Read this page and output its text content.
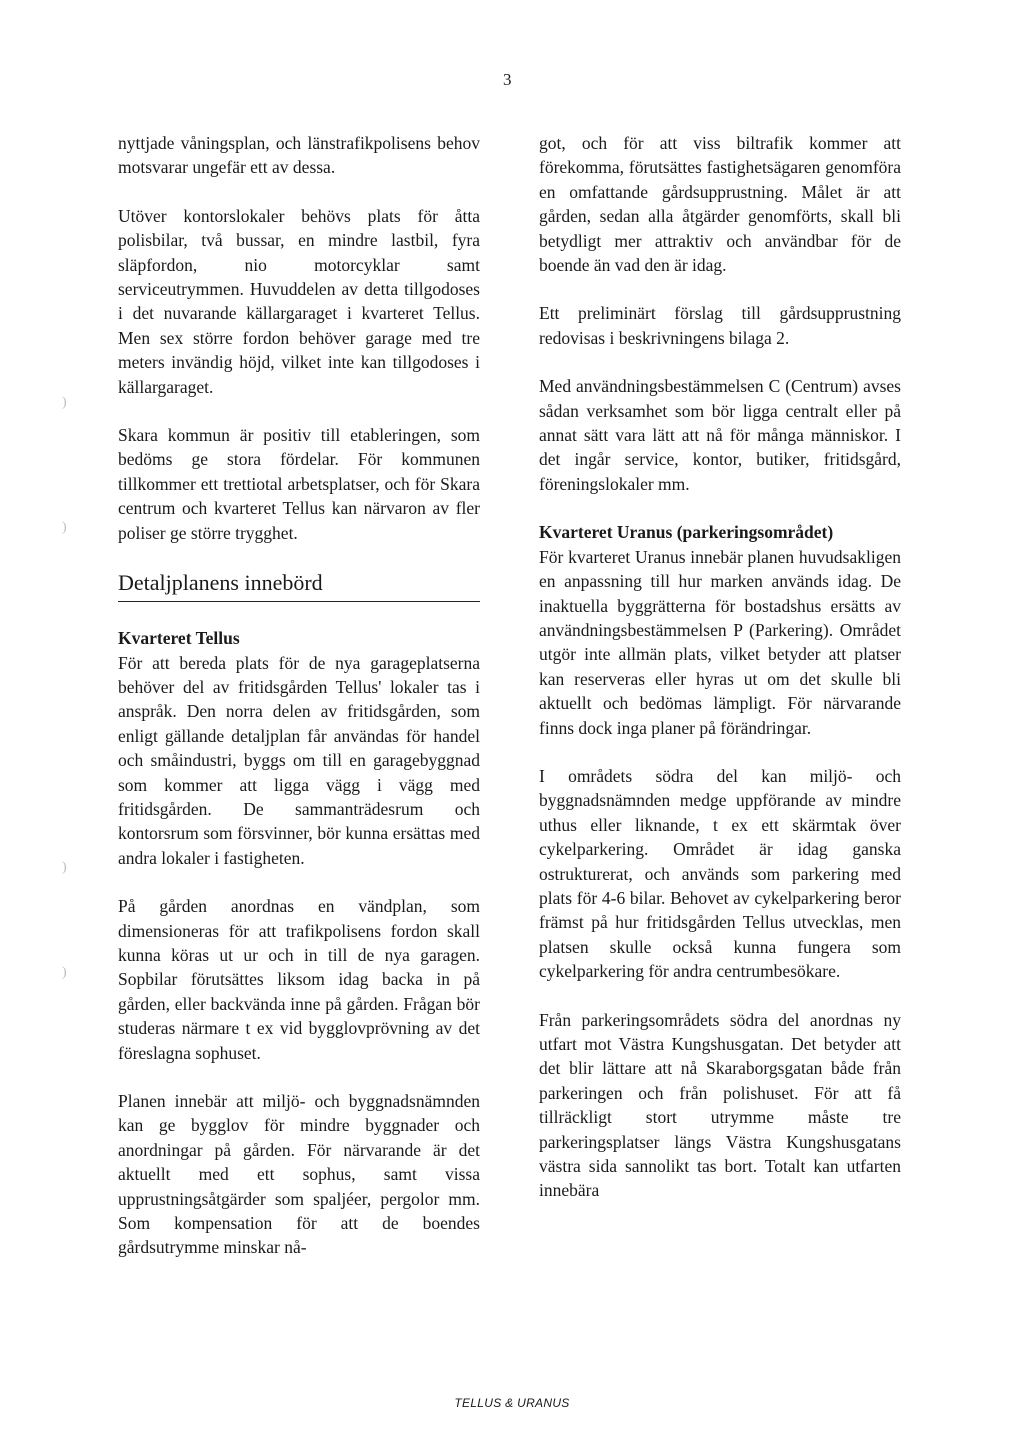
3
)
)
)
)

nyttjade våningsplan, och länstrafikpolisens behov motsvarar ungefär ett av dessa.

Utöver kontorslokaler behövs plats för åtta polisbilar, två bussar, en mindre lastbil, fyra släpfordon, nio motorcyklar samt serviceutrymmen. Huvuddelen av detta tillgodoses i det nuvarande källargaraget i kvarteret Tellus. Men sex större fordon behöver garage med tre meters invändig höjd, vilket inte kan tillgodoses i källargaraget.

Skara kommun är positiv till etableringen, som bedöms ge stora fördelar. För kommunen tillkommer ett trettiotal arbetsplatser, och för Skara centrum och kvarteret Tellus kan närvaron av fler poliser ge större trygghet.

Detaljplanens innebörd
Kvarteret Tellus

För att bereda plats för de nya garageplatserna behöver del av fritidsgården Tellus' lokaler tas i anspråk. Den norra delen av fritidsgården, som enligt gällande detaljplan får användas för handel och småindustri, byggs om till en garagebyggnad som kommer att ligga vägg i vägg med fritidsgården. De sammanträdesrum och kontorsrum som försvinner, bör kunna ersättas med andra lokaler i fastigheten.

På gården anordnas en vändplan, som dimensioneras för att trafikpolisens fordon skall kunna köras ut ur och in till de nya garagen. Sopbilar förutsättes liksom idag backa in på gården, eller backvända inne på gården. Frågan bör studeras närmare t ex vid bygglovprövning av det föreslagna sophuset.

Planen innebär att miljö- och byggnadsnämnden kan ge bygglov för mindre byggnader och anordningar på gården. För närvarande är det aktuellt med ett sophus, samt vissa upprustningsåtgärder som spaljéer, pergolor mm. Som kompensation för att de boendes gårdsutrymme minskar nå-

got, och för att viss biltrafik kommer att förekomma, förutsättes fastighetsägaren genomföra en omfattande gårdsupprustning. Målet är att gården, sedan alla åtgärder genomförts, skall bli betydligt mer attraktiv och användbar för de boende än vad den är idag.

Ett preliminärt förslag till gårdsupprustning redovisas i beskrivningens bilaga 2.

Med användningsbestämmelsen C (Centrum) avses sådan verksamhet som bör ligga centralt eller på annat sätt vara lätt att nå för många människor. I det ingår service, kontor, butiker, fritidsgård, föreningslokaler mm.

Kvarteret Uranus (parkeringsområdet)

För kvarteret Uranus innebär planen huvudsakligen en anpassning till hur marken används idag. De inaktuella byggrätterna för bostadshus ersätts av användningsbestämmelsen P (Parkering). Området utgör inte allmän plats, vilket betyder att platser kan reserveras eller hyras ut om det skulle bli aktuellt och bedömas lämpligt. För närvarande finns dock inga planer på förändringar.

I områdets södra del kan miljö- och byggnadsnämnden medge uppförande av mindre uthus eller liknande, t ex ett skärmtak över cykelparkering. Området är idag ganska ostrukturerat, och används som parkering med plats för 4-6 bilar. Behovet av cykelparkering beror främst på hur fritidsgården Tellus utvecklas, men platsen skulle också kunna fungera som cykelparkering för andra centrumbesökare.

Från parkeringsområdets södra del anordnas ny utfart mot Västra Kungshusgatan. Det betyder att det blir lättare att nå Skaraborgsgatan både från parkeringen och från polishuset. För att få tillräckligt stort utrymme måste tre parkeringsplatser längs Västra Kungshusgatans västra sida sannolikt tas bort. Totalt kan utfarten innebära

TELLUS & URANUS
